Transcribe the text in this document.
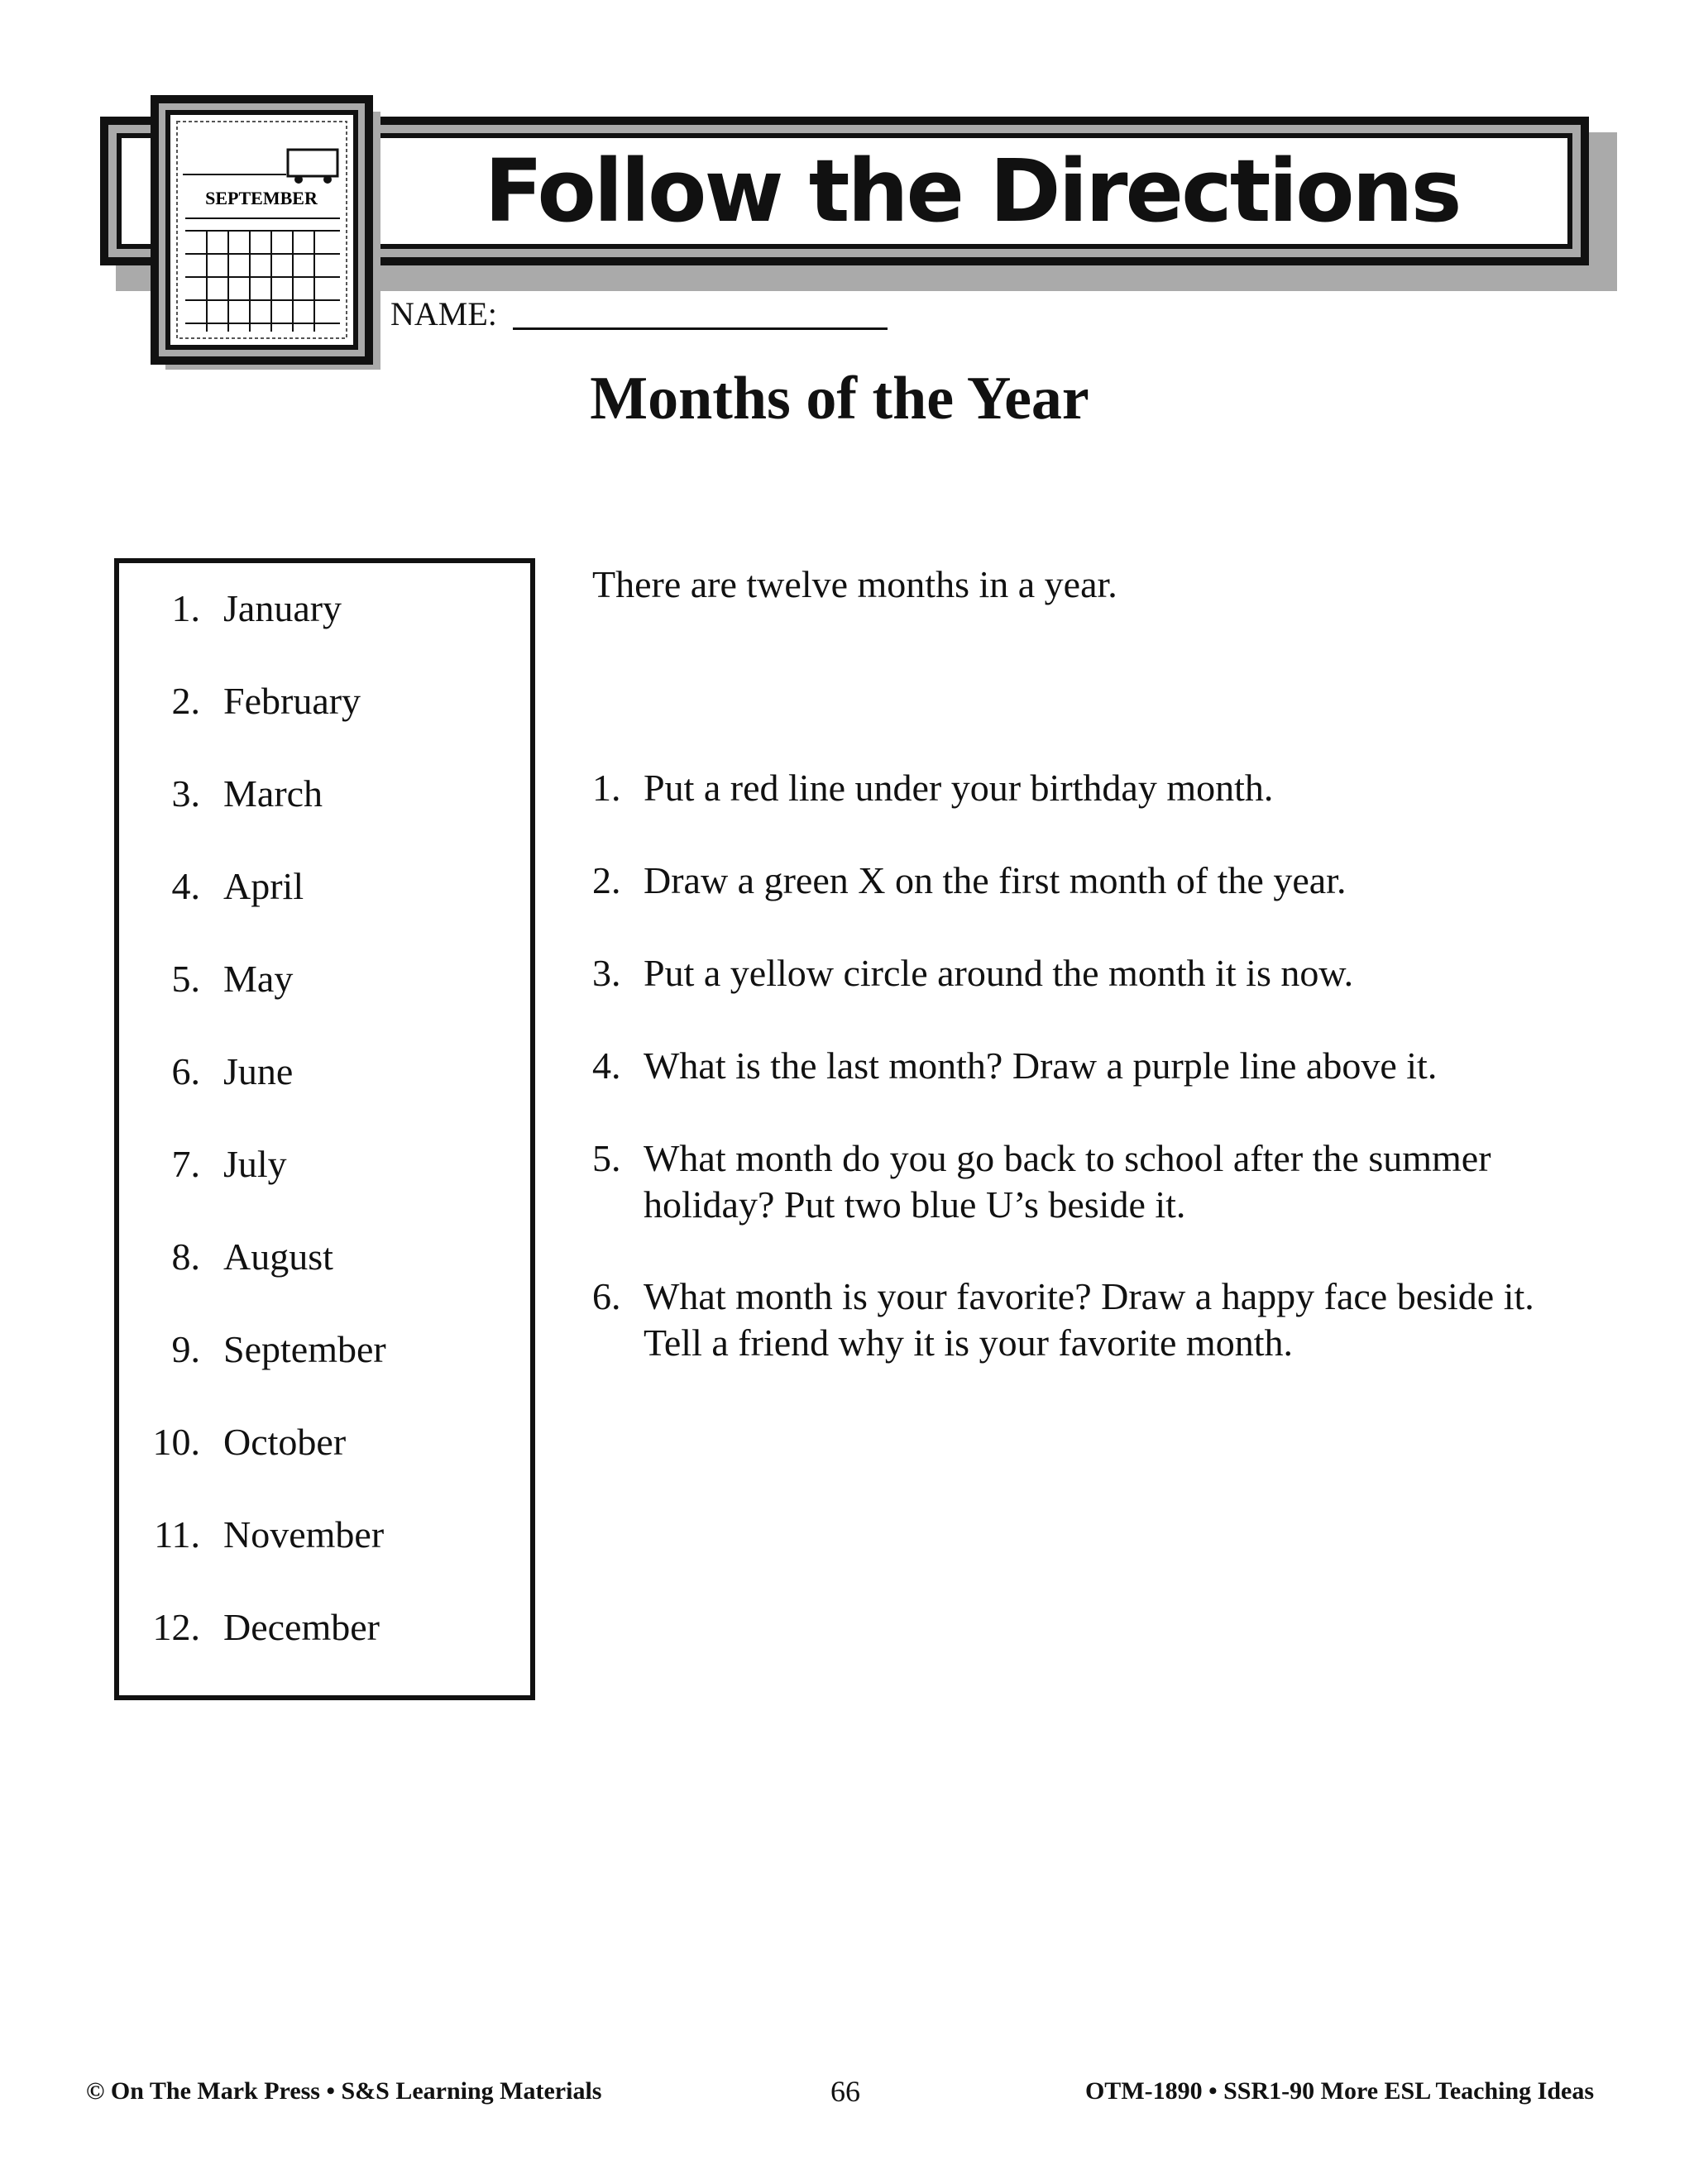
Follow the Directions
SEPTEMBER
NAME:
Months of the Year
1. January
2. February
3. March
4. April
5. May
6. June
7. July
8. August
9. September
10. October
11. November
12. December
There are twelve months in a year.
1. Put a red line under your birthday month.
2. Draw a green X on the first month of the year.
3. Put a yellow circle around the month it is now.
4. What is the last month? Draw a purple line above it.
5. What month do you go back to school after the summer holiday? Put two blue U’s beside it.
6. What month is your favorite? Draw a happy face beside it. Tell a friend why it is your favorite month.
© On The Mark Press • S&S Learning Materials	66	OTM-1890 • SSR1-90 More ESL Teaching Ideas
